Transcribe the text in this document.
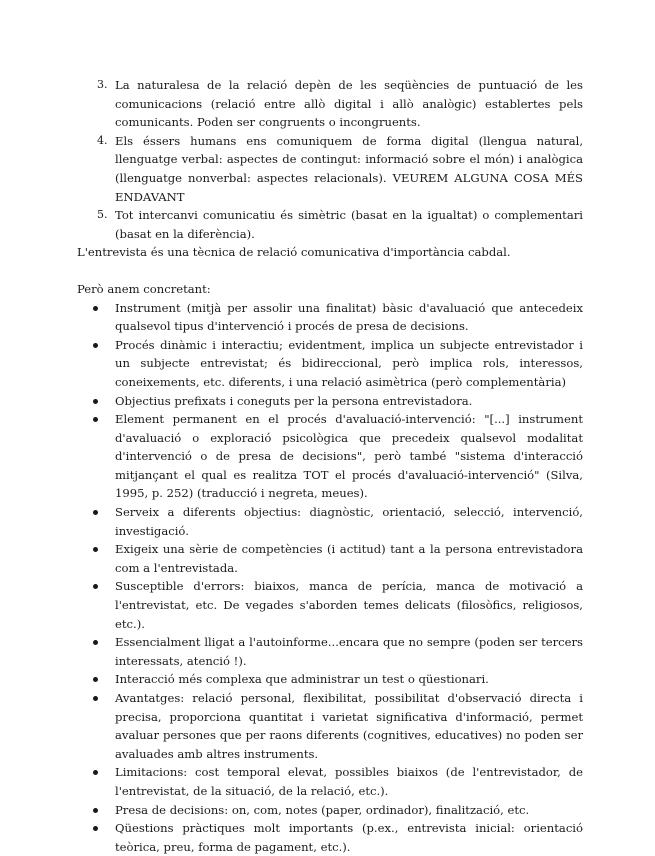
3. La naturalesa de la relació depèn de les seqüències de puntuació de les comunicacions (relació entre allò digital i allò analògic) establertes pels comunicants. Poden ser congruents o incongruents.
4. Els éssers humans ens comuniquem de forma digital (llengua natural, llenguatge verbal: aspectes de contingut: informació sobre el món) i analògica (llenguatge nonverbal: aspectes relacionals). VEUREM ALGUNA COSA MÉS ENDAVANT
5. Tot intercanvi comunicatiu és simètric (basat en la igualtat) o complementari (basat en la diferència).

L'entrevista és una tècnica de relació comunicativa d'importància cabdal.

Però anem concretant:

Instrument (mitjà per assolir una finalitat) bàsic d'avaluació que antecedeix qualsevol tipus d'intervenció i procés de presa de decisions.
Procés dinàmic i interactiu; evidentment, implica un subjecte entrevistador i un subjecte entrevistat; és bidireccional, però implica rols, interessos, coneixements, etc. diferents, i una relació asimètrica (però complementària)
Objectius prefixats i coneguts per la persona entrevistadora.
Element permanent en el procés d'avaluació-intervenció: "[...] instrument d'avaluació o exploració psicològica que precedeix qualsevol modalitat d'intervenció o de presa de decisions", però també "sistema d'interacció mitjançant el qual es realitza TOT el procés d'avaluació-intervenció" (Silva, 1995, p. 252) (traducció i negreta, meues).
Serveix a diferents objectius: diagnòstic, orientació, selecció, intervenció, investigació.
Exigeix una sèrie de competències (i actitud) tant a la persona entrevistadora com a l'entrevistada.
Susceptible d'errors: biaixos, manca de perícia, manca de motivació a l'entrevistat, etc. De vegades s'aborden temes delicats (filosòfics, religiosos, etc.).
Essencialment lligat a l'autoinforme...encara que no sempre (poden ser tercers interessats, atenció !).
Interacció més complexa que administrar un test o qüestionari.
Avantatges: relació personal, flexibilitat, possibilitat d'observació directa i precisa, proporciona quantitat i varietat significativa d'informació, permet avaluar persones que per raons diferents (cognitives, educatives) no poden ser avaluades amb altres instruments.
Limitacions: cost temporal elevat, possibles biaixos (de l'entrevistador, de l'entrevistat, de la situació, de la relació, etc.).
Presa de decisions: on, com, notes (paper, ordinador), finalització, etc.
Qüestions pràctiques molt importants (p.ex., entrevista inicial: orientació teòrica, preu, forma de pagament, etc.).
